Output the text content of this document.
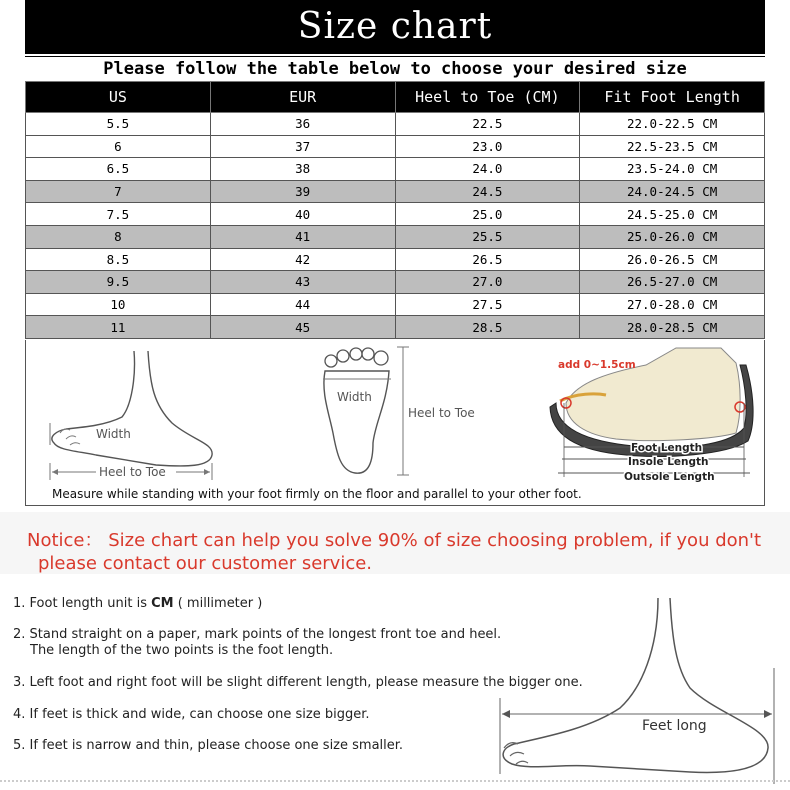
Size chart
Please follow the table below to choose your desired size
US	EUR	Heel to Toe (CM)	Fit Foot Length
5.5	36	22.5	22.0-22.5 CM
6	37	23.0	22.5-23.5 CM
6.5	38	24.0	23.5-24.0 CM
7	39	24.5	24.0-24.5 CM
7.5	40	25.0	24.5-25.0 CM
8	41	25.5	25.0-26.0 CM
8.5	42	26.5	26.0-26.5 CM
9.5	43	27.0	26.5-27.0 CM
10	44	27.5	27.0-28.0 CM
11	45	28.5	28.0-28.5 CM
Width
Heel to Toe
Width
Heel to Toe
add 0~1.5cm
Foot Length
Insole Length
Outsole Length
Measure while standing with your foot firmly on the floor and parallel to your other foot.
Notice： Size chart can help you solve 90% of size choosing problem, if you don't
please contact our customer service.
1. Foot length unit is CM ( millimeter )
2. Stand straight on a paper, mark points of the longest front toe and heel.
The length of the two points is the foot length.
3. Left foot and right foot will be slight different length, please measure the bigger one.
4. If feet is thick and wide, can choose one size bigger.
5. If feet is narrow and thin, please choose one size smaller.
Feet long
